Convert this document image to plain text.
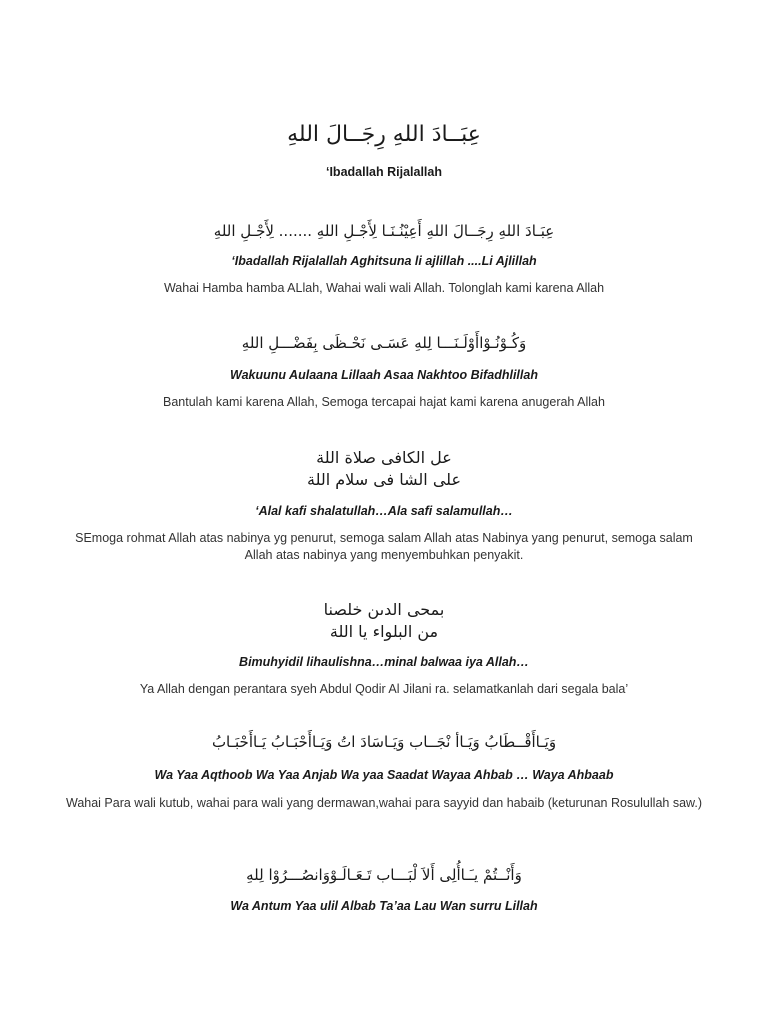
عِبَــادَ اللهِ رِجَــالَ اللهِ
‘Ibadallah Rijalallah
عِبَـادَ اللهِ رِجَــالَ اللهِ أَعِيْنُـنَـا لِأَجْـلِ اللهِ ....... لِأَجْـلِ اللهِ
‘Ibadallah Rijalallah Aghitsuna li ajlillah ....Li Ajlillah
Wahai Hamba hamba ALlah, Wahai wali wali Allah. Tolonglah kami karena Allah
وَكُـوْنُـوْاأَوْلَـنَـــا لِلهِ عَسَـى نَحْـظَى بِفَضْـــلِ اللهِ
Wakuunu Aulaana Lillaah Asaa Nakhtoo Bifadhlillah
Bantulah kami karena Allah, Semoga tercapai hajat kami karena anugerah Allah
عل الكافى صلاة اللة
على الشا فى سلام اللة
‘Alal kafi shalatullah…Ala safi salamullah…
SEmoga rohmat Allah atas nabinya yg penurut, semoga salam Allah atas Nabinya yang penurut, semoga salam Allah atas nabinya yang menyembuhkan penyakit.
بمحى الدىن خلصنا
من البلواء يا اللة
Bimuhyidil lihaulishna…minal balwaa iya Allah…
Ya Allah dengan perantara syeh Abdul Qodir Al Jilani ra. selamatkanlah dari segala bala’
وَيَـاأَقْــطَابُ وَيَـاأ نْجَــاب وَيَـاسَادَ اتُ وَيَـاأَحْبَـابُ يَـاأَحْبَـابُ
Wa Yaa Aqthoob Wa Yaa Anjab Wa yaa Saadat Wayaa Ahbab … Waya Ahbaab
Wahai Para wali kutub, wahai para wali yang dermawan,wahai para sayyid dan habaib (keturunan Rosulullah saw.)
وَأَنْــتُمْ يـَـاأُلِى أَلاَ لْبَـــاب تَـعَـالَـوْوَانصُـــرُوْا لِلهِ
Wa Antum Yaa ulil Albab Ta’aa Lau Wan surru Lillah
